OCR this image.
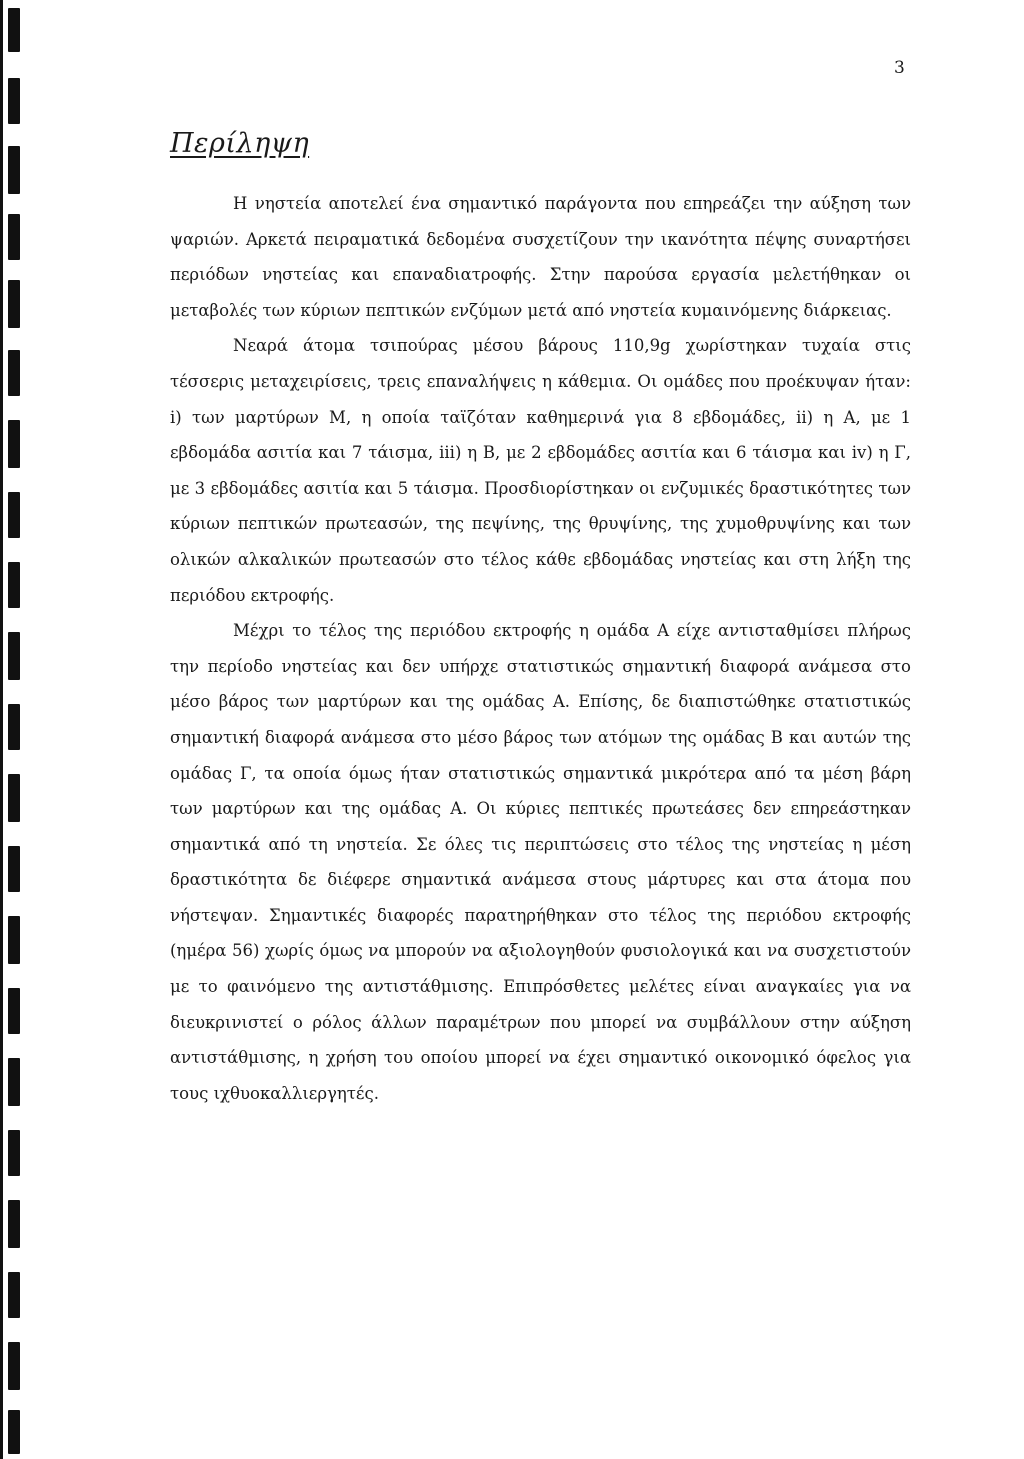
3
Περίληψη

Η νηστεία αποτελεί ένα σημαντικό παράγοντα που επηρεάζει την αύξηση των ψαριών. Αρκετά πειραματικά δεδομένα συσχετίζουν την ικανότητα πέψης συναρτήσει περιόδων νηστείας και επαναδιατροφής. Στην παρούσα εργασία μελετήθηκαν οι μεταβολές των κύριων πεπτικών ενζύμων μετά από νηστεία κυμαινόμενης διάρκειας.

Νεαρά άτομα τσιπούρας μέσου βάρους 110,9g χωρίστηκαν τυχαία στις τέσσερις μεταχειρίσεις, τρεις επαναλήψεις η κάθεμια. Οι ομάδες που προέκυψαν ήταν: i) των μαρτύρων Μ, η οποία ταϊζόταν καθημερινά για 8 εβδομάδες, ii) η Α, με 1 εβδομάδα ασιτία και 7 τάισμα, iii) η Β, με 2 εβδομάδες ασιτία και 6 τάισμα και iv) η Γ, με 3 εβδομάδες ασιτία και 5 τάισμα. Προσδιορίστηκαν οι ενζυμικές δραστικότητες των κύριων πεπτικών πρωτεασών, της πεψίνης, της θρυψίνης, της χυμοθρυψίνης και των ολικών αλκαλικών πρωτεασών στο τέλος κάθε εβδομάδας νηστείας και στη λήξη της περιόδου εκτροφής.

Μέχρι το τέλος της περιόδου εκτροφής η ομάδα Α είχε αντισταθμίσει πλήρως την περίοδο νηστείας και δεν υπήρχε στατιστικώς σημαντική διαφορά ανάμεσα στο μέσο βάρος των μαρτύρων και της ομάδας Α. Επίσης, δε διαπιστώθηκε στατιστικώς σημαντική διαφορά ανάμεσα στο μέσο βάρος των ατόμων της ομάδας Β και αυτών της ομάδας Γ, τα οποία όμως ήταν στατιστικώς σημαντικά μικρότερα από τα μέση βάρη των μαρτύρων και της ομάδας Α. Οι κύριες πεπτικές πρωτεάσες δεν επηρεάστηκαν σημαντικά από τη νηστεία. Σε όλες τις περιπτώσεις στο τέλος της νηστείας η μέση δραστικότητα δε διέφερε σημαντικά ανάμεσα στους μάρτυρες και στα άτομα που νήστεψαν. Σημαντικές διαφορές παρατηρήθηκαν στο τέλος της περιόδου εκτροφής (ημέρα 56) χωρίς όμως να μπορούν να αξιολογηθούν φυσιολογικά και να συσχετιστούν με το φαινόμενο της αντιστάθμισης. Επιπρόσθετες μελέτες είναι αναγκαίες για να διευκρινιστεί ο ρόλος άλλων παραμέτρων που μπορεί να συμβάλλουν στην αύξηση αντιστάθμισης, η χρήση του οποίου μπορεί να έχει σημαντικό οικονομικό όφελος για τους ιχθυοκαλλιεργητές.
